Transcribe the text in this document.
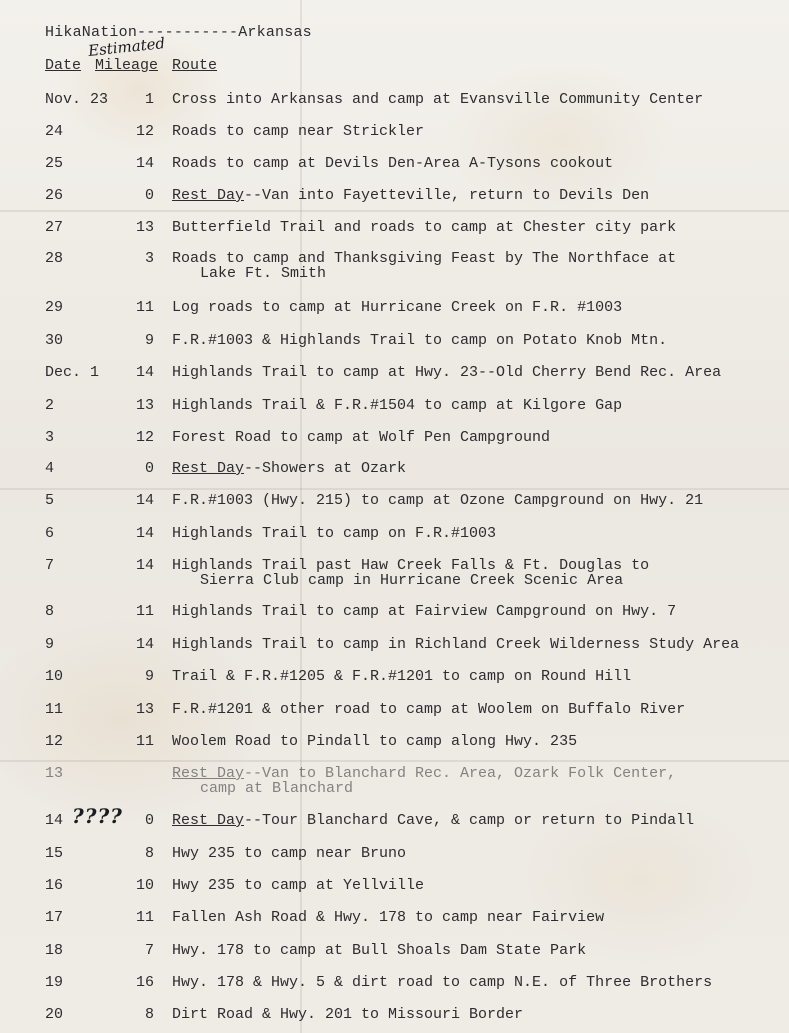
HikaNation-----------Arkansas
Estimated
Date Mileage Route
Nov. 23	1 Cross into Arkansas and camp at Evansville Community Center
24	12 Roads to camp near Strickler
25	14 Roads to camp at Devils Den-Area A-Tysons cookout
26	0 Rest Day--Van into Fayetteville, return to Devils Den
27	13 Butterfield Trail and roads to camp at Chester city park
28	3 Roads to camp and Thanksgiving Feast by The Northface at
Lake Ft. Smith
29	11 Log roads to camp at Hurricane Creek on F.R. #1003
30	9 F.R.#1003 & Highlands Trail to camp on Potato Knob Mtn.
Dec. 1	14 Highlands Trail to camp at Hwy. 23--Old Cherry Bend Rec. Area
2	13 Highlands Trail & F.R.#1504 to camp at Kilgore Gap
3	12 Forest Road to camp at Wolf Pen Campground
4	0 Rest Day--Showers at Ozark
5	14 F.R.#1003 (Hwy. 215) to camp at Ozone Campground on Hwy. 21
6	14 Highlands Trail to camp on F.R.#1003
7	14 Highlands Trail past Haw Creek Falls & Ft. Douglas to
Sierra Club camp in Hurricane Creek Scenic Area
8	11 Highlands Trail to camp at Fairview Campground on Hwy. 7
9	14 Highlands Trail to camp in Richland Creek Wilderness Study Area
10	9 Trail & F.R.#1205 & F.R.#1201 to camp on Round Hill
11	13 F.R.#1201 & other road to camp at Woolem on Buffalo River
12	11 Woolem Road to Pindall to camp along Hwy. 235
13	Rest Day--Van to Blanchard Rec. Area, Ozark Folk Center,
camp at Blanchard
14 ????	0 Rest Day--Tour Blanchard Cave, & camp or return to Pindall
15	8 Hwy 235 to camp near Bruno
16	10 Hwy 235 to camp at Yellville
17	11 Fallen Ash Road & Hwy. 178 to camp near Fairview
18	7 Hwy. 178 to camp at Bull Shoals Dam State Park
19	16 Hwy. 178 & Hwy. 5 & dirt road to camp N.E. of Three Brothers
20	8 Dirt Road & Hwy. 201 to Missouri Border
